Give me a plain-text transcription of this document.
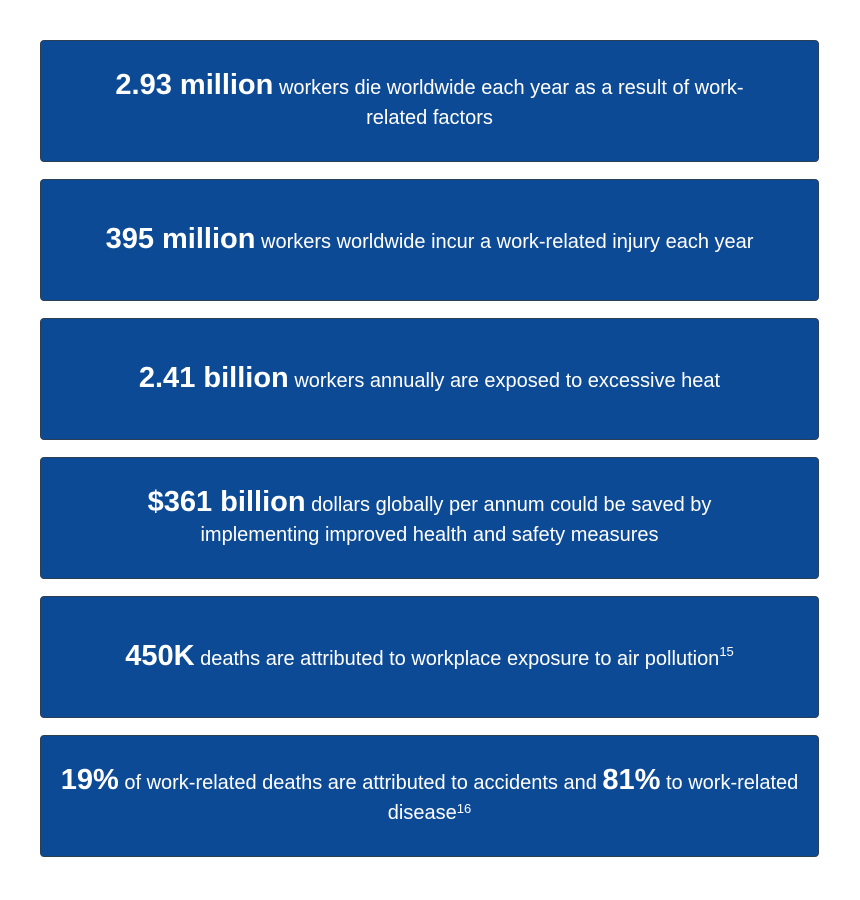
2.93 million workers die worldwide each year as a result of work-related factors
395 million workers worldwide incur a work-related injury each year
2.41 billion workers annually are exposed to excessive heat
$361 billion dollars globally per annum could be saved by implementing improved health and safety measures
450K deaths are attributed to workplace exposure to air pollution$^{15}$
19% of work-related deaths are attributed to accidents and 81% to work-related disease$^{16}$
